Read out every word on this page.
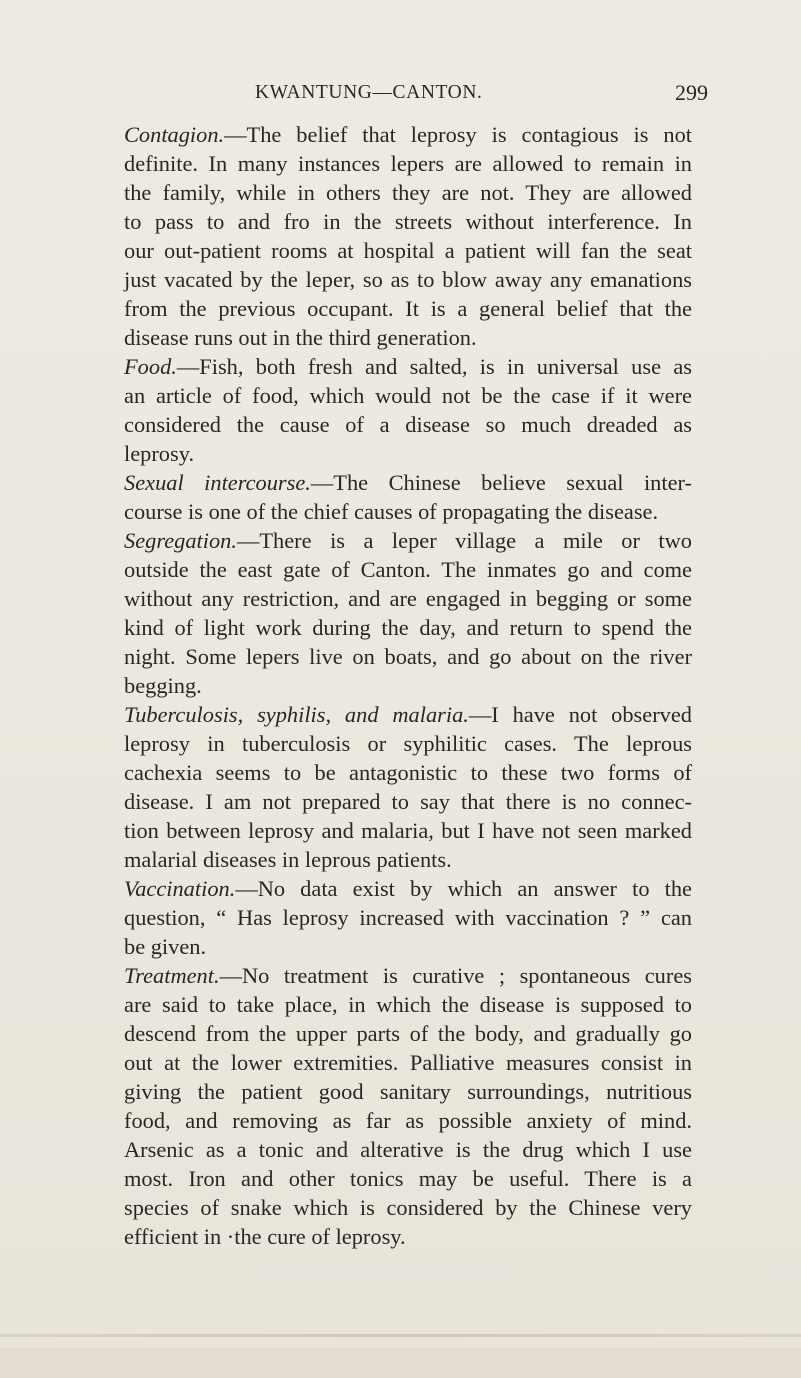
KWANTUNG—CANTON.	299
Contagion.—The belief that leprosy is contagious is not
definite. In many instances lepers are allowed to remain in
the family, while in others they are not. They are allowed
to pass to and fro in the streets without interference. In
our out-patient rooms at hospital a patient will fan the seat
just vacated by the leper, so as to blow away any emanations
from the previous occupant. It is a general belief that the
disease runs out in the third generation.
Food.—Fish, both fresh and salted, is in universal use as
an article of food, which would not be the case if it were
considered the cause of a disease so much dreaded as
leprosy.
Sexual intercourse.—The Chinese believe sexual inter-
course is one of the chief causes of propagating the disease.
Segregation.—There is a leper village a mile or two
outside the east gate of Canton. The inmates go and come
without any restriction, and are engaged in begging or some
kind of light work during the day, and return to spend the
night. Some lepers live on boats, and go about on the river
begging.
Tuberculosis, syphilis, and malaria.—I have not observed
leprosy in tuberculosis or syphilitic cases. The leprous
cachexia seems to be antagonistic to these two forms of
disease. I am not prepared to say that there is no connec-
tion between leprosy and malaria, but I have not seen marked
malarial diseases in leprous patients.
Vaccination.—No data exist by which an answer to the
question, “ Has leprosy increased with vaccination ? ” can
be given.
Treatment.—No treatment is curative ; spontaneous cures
are said to take place, in which the disease is supposed to
descend from the upper parts of the body, and gradually go
out at the lower extremities. Palliative measures consist in
giving the patient good sanitary surroundings, nutritious
food, and removing as far as possible anxiety of mind.
Arsenic as a tonic and alterative is the drug which I use
most. Iron and other tonics may be useful. There is a
species of snake which is considered by the Chinese very
efficient in ·the cure of leprosy.
